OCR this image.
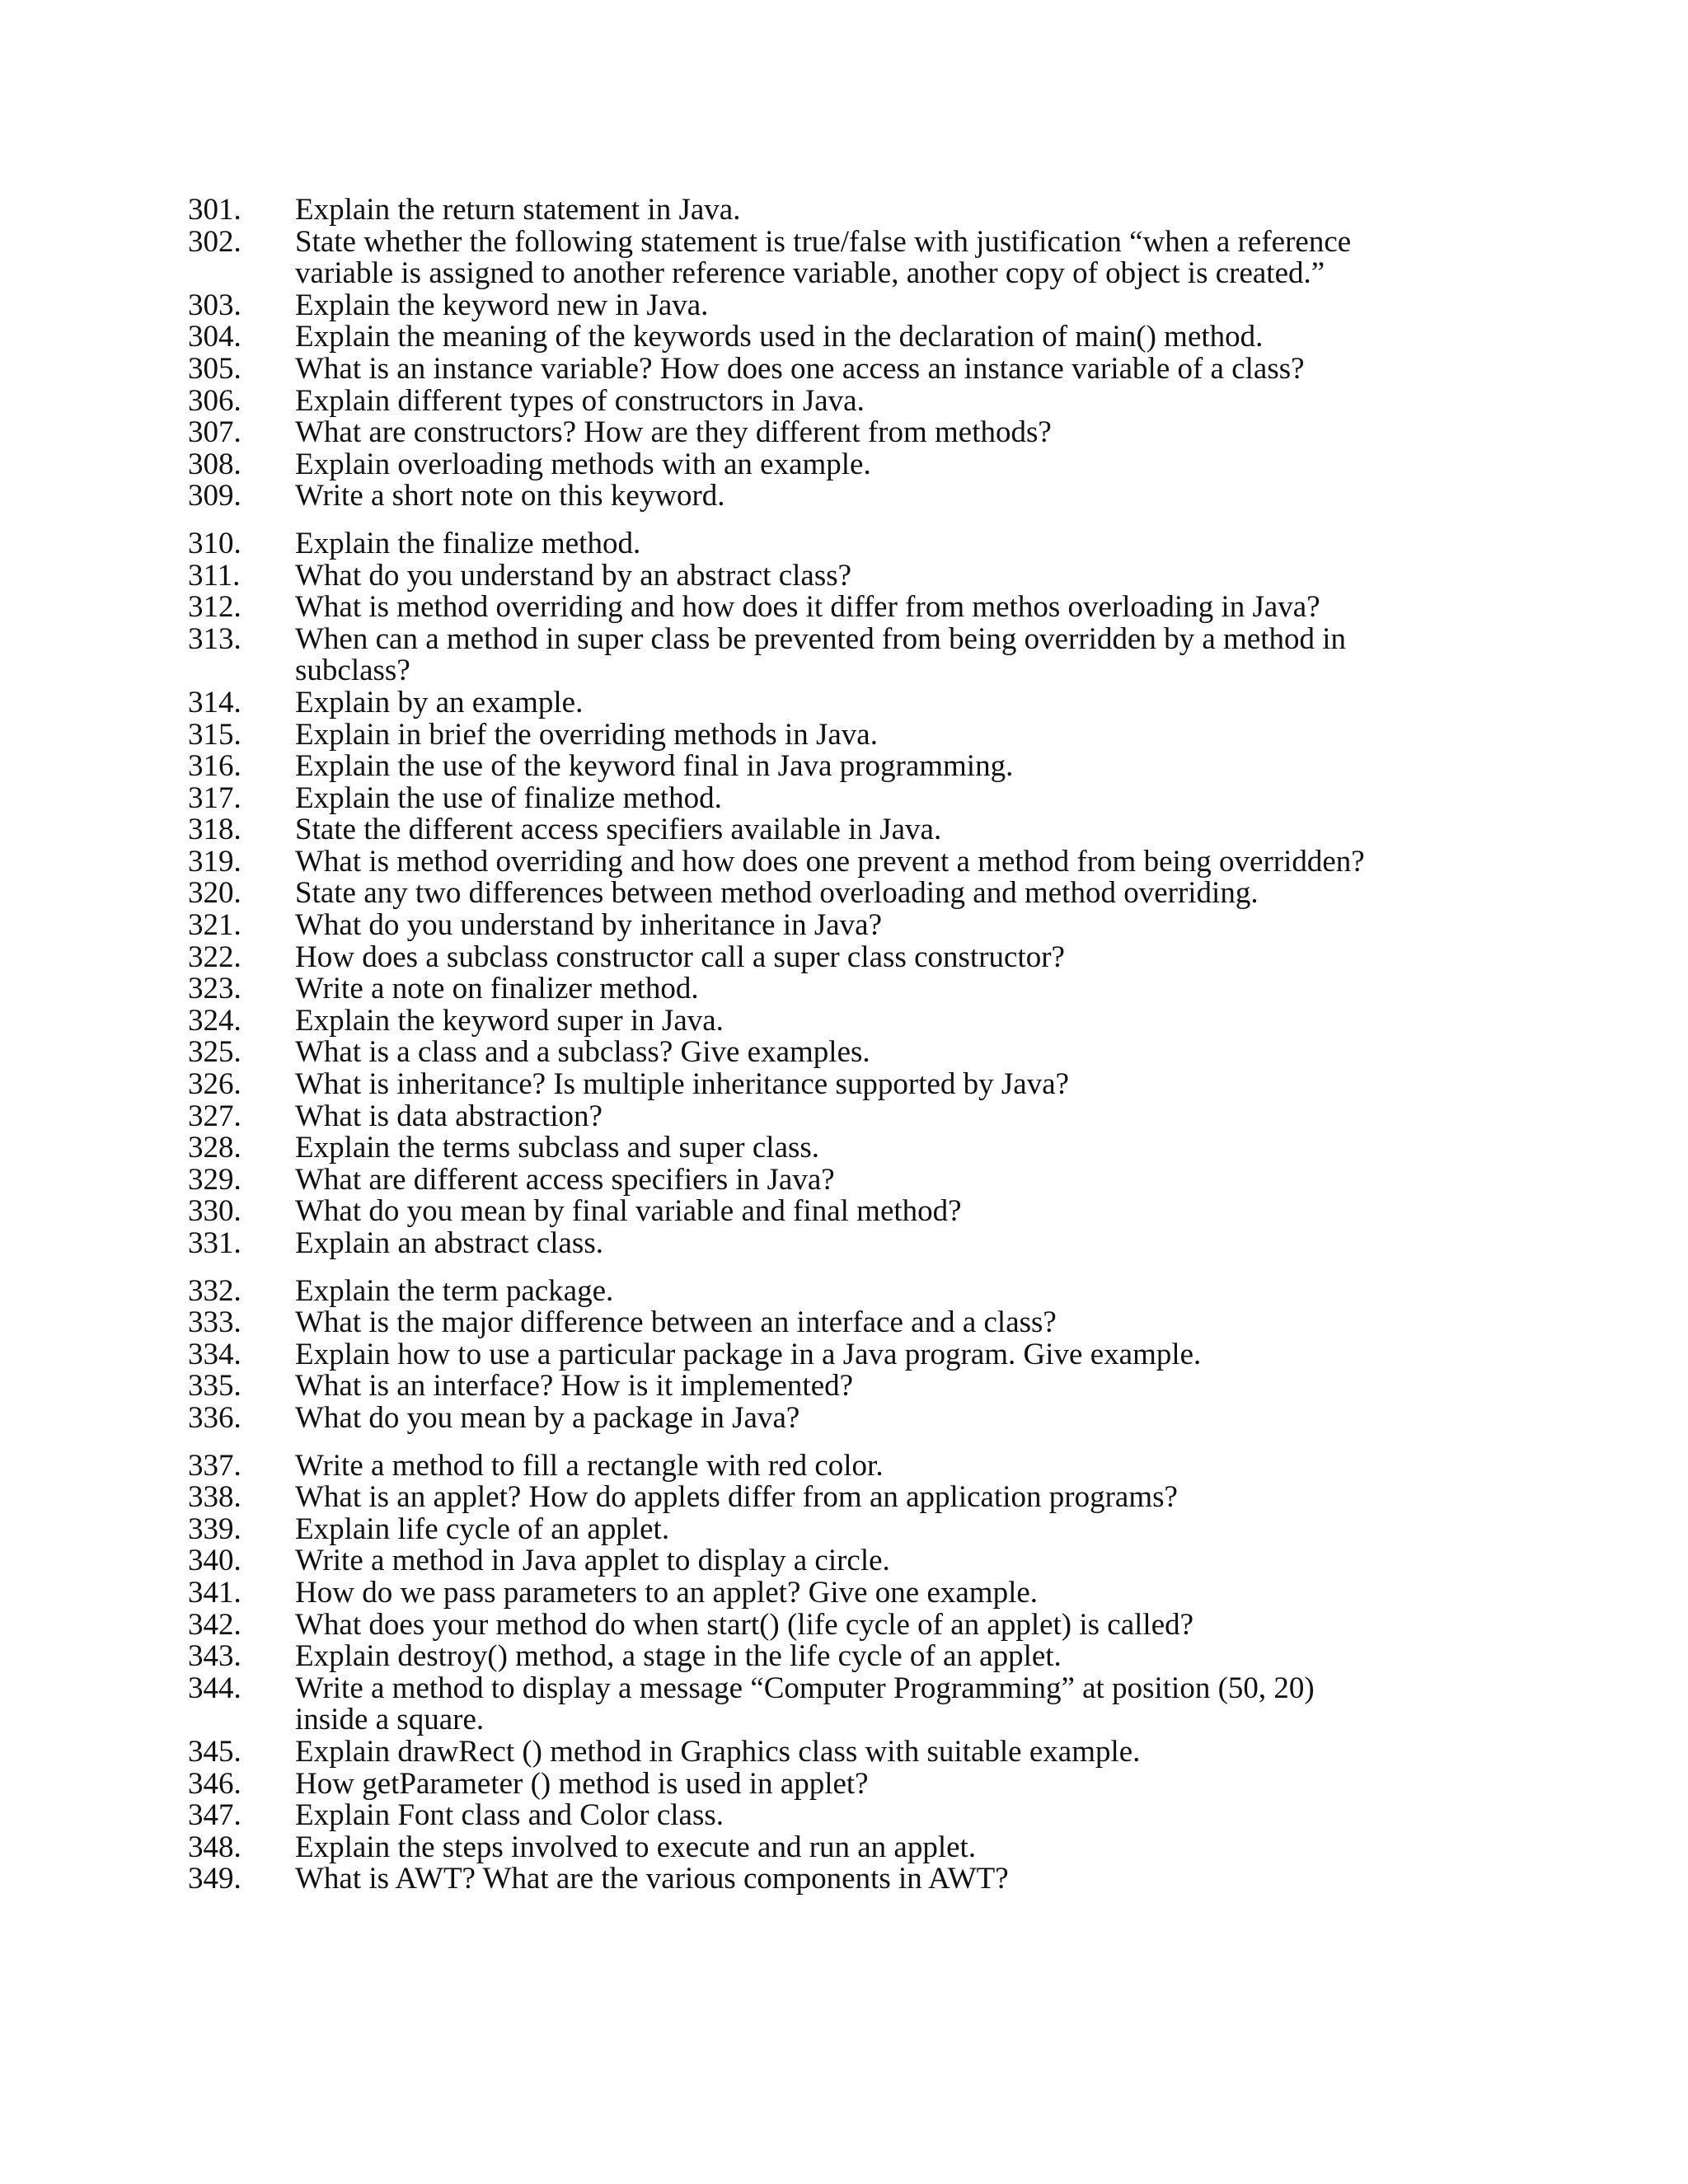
301.	Explain the return statement in Java.
302.	State whether the following statement is true/false with justification “when a reference
variable is assigned to another reference variable, another copy of object is created.”
303.	Explain the keyword new in Java.
304.	Explain the meaning of the keywords used in the declaration of main() method.
305.	What is an instance variable? How does one access an instance variable of a class?
306.	Explain different types of constructors in Java.
307.	What are constructors? How are they different from methods?
308.	Explain overloading methods with an example.
309.	Write a short note on this keyword.
310.	Explain the finalize method.
311.	What do you understand by an abstract class?
312.	What is method overriding and how does it differ from methos overloading in Java?
313.	When can a method in super class be prevented from being overridden by a method in
subclass?
314.	Explain by an example.
315.	Explain in brief the overriding methods in Java.
316.	Explain the use of the keyword final in Java programming.
317.	Explain the use of finalize method.
318.	State the different access specifiers available in Java.
319.	What is method overriding and how does one prevent a method from being overridden?
320.	State any two differences between method overloading and method overriding.
321.	What do you understand by inheritance in Java?
322.	How does a subclass constructor call a super class constructor?
323.	Write a note on finalizer method.
324.	Explain the keyword super in Java.
325.	What is a class and a subclass? Give examples.
326.	What is inheritance? Is multiple inheritance supported by Java?
327.	What is data abstraction?
328.	Explain the terms subclass and super class.
329.	What are different access specifiers in Java?
330.	What do you mean by final variable and final method?
331.	Explain an abstract class.
332.	Explain the term package.
333.	What is the major difference between an interface and a class?
334.	Explain how to use a particular package in a Java program. Give example.
335.	What is an interface? How is it implemented?
336.	What do you mean by a package in Java?
337.	Write a method to fill a rectangle with red color.
338.	What is an applet? How do applets differ from an application programs?
339.	Explain life cycle of an applet.
340.	Write a method in Java applet to display a circle.
341.	How do we pass parameters to an applet? Give one example.
342.	What does your method do when start() (life cycle of an applet) is called?
343.	Explain destroy() method, a stage in the life cycle of an applet.
344.	Write a method to display a message “Computer Programming” at position (50, 20)
inside a square.
345.	Explain drawRect () method in Graphics class with suitable example.
346.	How getParameter () method is used in applet?
347.	Explain Font class and Color class.
348.	Explain the steps involved to execute and run an applet.
349.	What is AWT? What are the various components in AWT?
